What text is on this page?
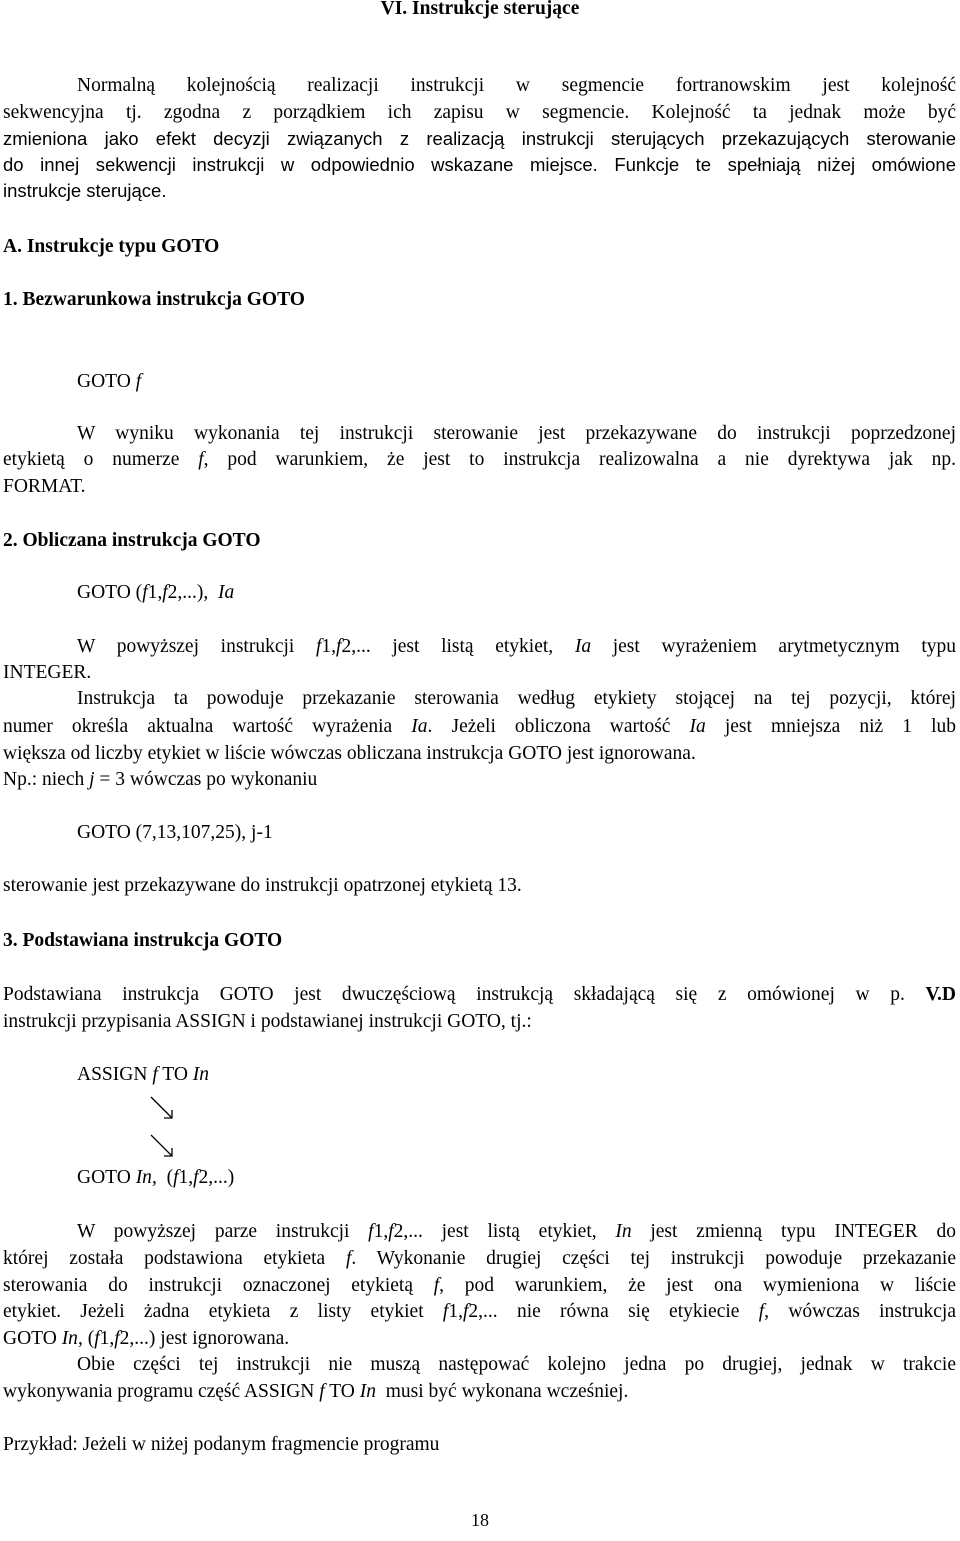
VI. Instrukcje sterujące
Normalną kolejnością realizacji instrukcji w segmencie fortranowskim jest kolejność
sekwencyjna tj. zgodna z porządkiem ich zapisu w segmencie. Kolejność ta jednak może być
zmieniona jako efekt decyzji związanych z realizacją instrukcji sterujących przekazujących sterowanie
do innej sekwencji instrukcji w odpowiednio wskazane miejsce. Funkcje te spełniają niżej omówione
instrukcje sterujące.
A. Instrukcje typu GOTO
1. Bezwarunkowa instrukcja GOTO
GOTO f
W wyniku wykonania tej instrukcji sterowanie jest przekazywane do instrukcji poprzedzonej
etykietą o numerze f, pod warunkiem, że jest to instrukcja realizowalna a nie dyrektywa jak np.
FORMAT.
2. Obliczana instrukcja GOTO
GOTO (f1,f2,...),  Ia
W powyższej instrukcji f1,f2,... jest listą etykiet, Ia jest wyrażeniem arytmetycznym typu
INTEGER.
Instrukcja ta powoduje przekazanie sterowania według etykiety stojącej na tej pozycji, której
numer określa aktualna wartość wyrażenia Ia. Jeżeli obliczona wartość Ia jest mniejsza niż 1 lub
większa od liczby etykiet w liście wówczas obliczana instrukcja GOTO jest ignorowana.
Np.: niech j = 3 wówczas po wykonaniu
GOTO (7,13,107,25), j-1
sterowanie jest przekazywane do instrukcji opatrzonej etykietą 13.
3. Podstawiana instrukcja GOTO
Podstawiana instrukcja GOTO jest dwuczęściową instrukcją składającą się z omówionej w p. V.D
instrukcji przypisania ASSIGN i podstawianej instrukcji GOTO, tj.:
ASSIGN f TO In
GOTO In,  (f1,f2,...)
W powyższej parze instrukcji f1,f2,... jest listą etykiet, In jest zmienną typu INTEGER do
której została podstawiona etykieta f. Wykonanie drugiej części tej instrukcji powoduje przekazanie
sterowania do instrukcji oznaczonej etykietą f, pod warunkiem, że jest ona wymieniona w liście
etykiet. Jeżeli żadna etykieta z listy etykiet f1,f2,... nie równa się etykiecie f, wówczas instrukcja
GOTO In, (f1,f2,...) jest ignorowana.
Obie części tej instrukcji nie muszą następować kolejno jedna po drugiej, jednak w trakcie
wykonywania programu część ASSIGN f TO In  musi być wykonana wcześniej.
Przykład: Jeżeli w niżej podanym fragmencie programu
18
